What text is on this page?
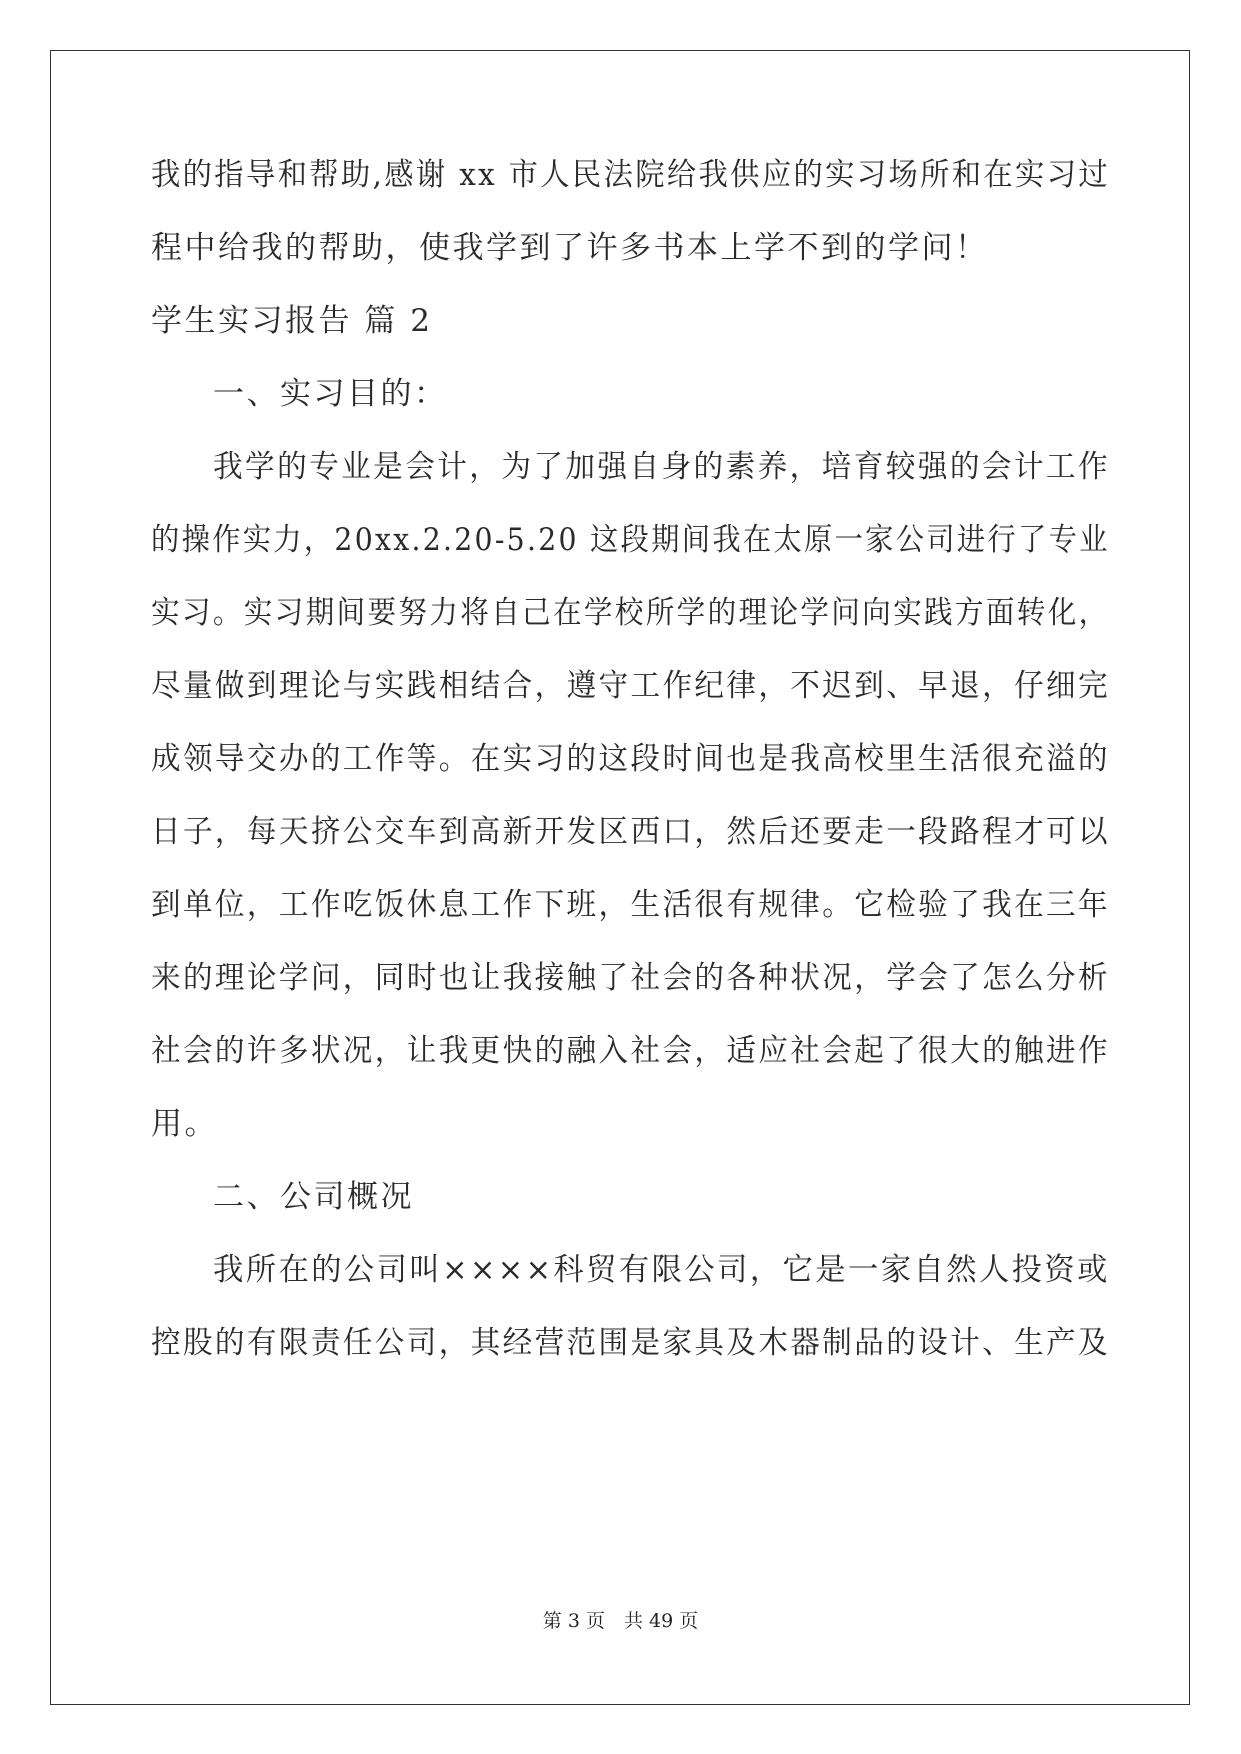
我的指导和帮助,感谢 xx 市人民法院给我供应的实习场所和在实习过
程中给我的帮助，使我学到了许多书本上学不到的学问！
学生实习报告 篇 2
一、实习目的：
我学的专业是会计，为了加强自身的素养，培育较强的会计工作
的操作实力，20xx.2.20-5.20 这段期间我在太原一家公司进行了专业
实习。实习期间要努力将自己在学校所学的理论学问向实践方面转化，
尽量做到理论与实践相结合，遵守工作纪律，不迟到、早退，仔细完
成领导交办的工作等。在实习的这段时间也是我高校里生活很充溢的
日子，每天挤公交车到高新开发区西口，然后还要走一段路程才可以
到单位，工作吃饭休息工作下班，生活很有规律。它检验了我在三年
来的理论学问，同时也让我接触了社会的各种状况，学会了怎么分析
社会的许多状况，让我更快的融入社会，适应社会起了很大的触进作
用。
二、公司概况
我所在的公司叫××××科贸有限公司，它是一家自然人投资或
控股的有限责任公司，其经营范围是家具及木器制品的设计、生产及
第 3 页　共 49 页
